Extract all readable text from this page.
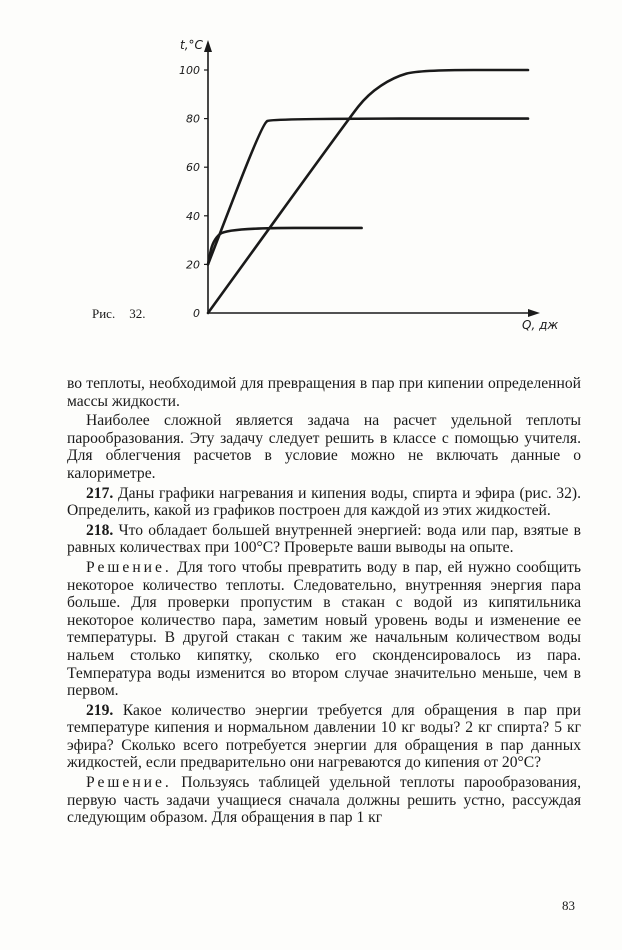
0
20
40
60
80
100
t,°C
Q, дж
Рис. 32.

во теплоты, необходимой для превращения в пар при кипении определенной массы жидкости.

Наиболее сложной является задача на расчет удельной теплоты парообразования. Эту задачу следует решить в классе с помощью учителя. Для облегчения расчетов в условие можно не включать данные о калориметре.

217. Даны графики нагревания и кипения воды, спирта и эфира (рис. 32). Определить, какой из графиков построен для каждой из этих жидкостей.

218. Что обладает большей внутренней энергией: вода или пар, взятые в равных количествах при 100°С? Проверьте ваши выводы на опыте.

Решение. Для того чтобы превратить воду в пар, ей нужно сообщить некоторое количество теплоты. Следовательно, внутренняя энергия пара больше. Для проверки пропустим в стакан с водой из кипятильника некоторое количество пара, заметим новый уровень воды и изменение ее температуры. В другой стакан с таким же начальным количеством воды нальем столько кипятку, сколько его сконденсировалось из пара. Температура воды изменится во втором случае значительно меньше, чем в первом.

219. Какое количество энергии требуется для обращения в пар при температуре кипения и нормальном давлении 10 кг воды? 2 кг спирта? 5 кг эфира? Сколько всего потребуется энергии для обращения в пар данных жидкостей, если предварительно они нагреваются до кипения от 20°С?

Решение. Пользуясь таблицей удельной теплоты парообразования, первую часть задачи учащиеся сначала должны решить устно, рассуждая следующим образом. Для обращения в пар 1 кг

83
